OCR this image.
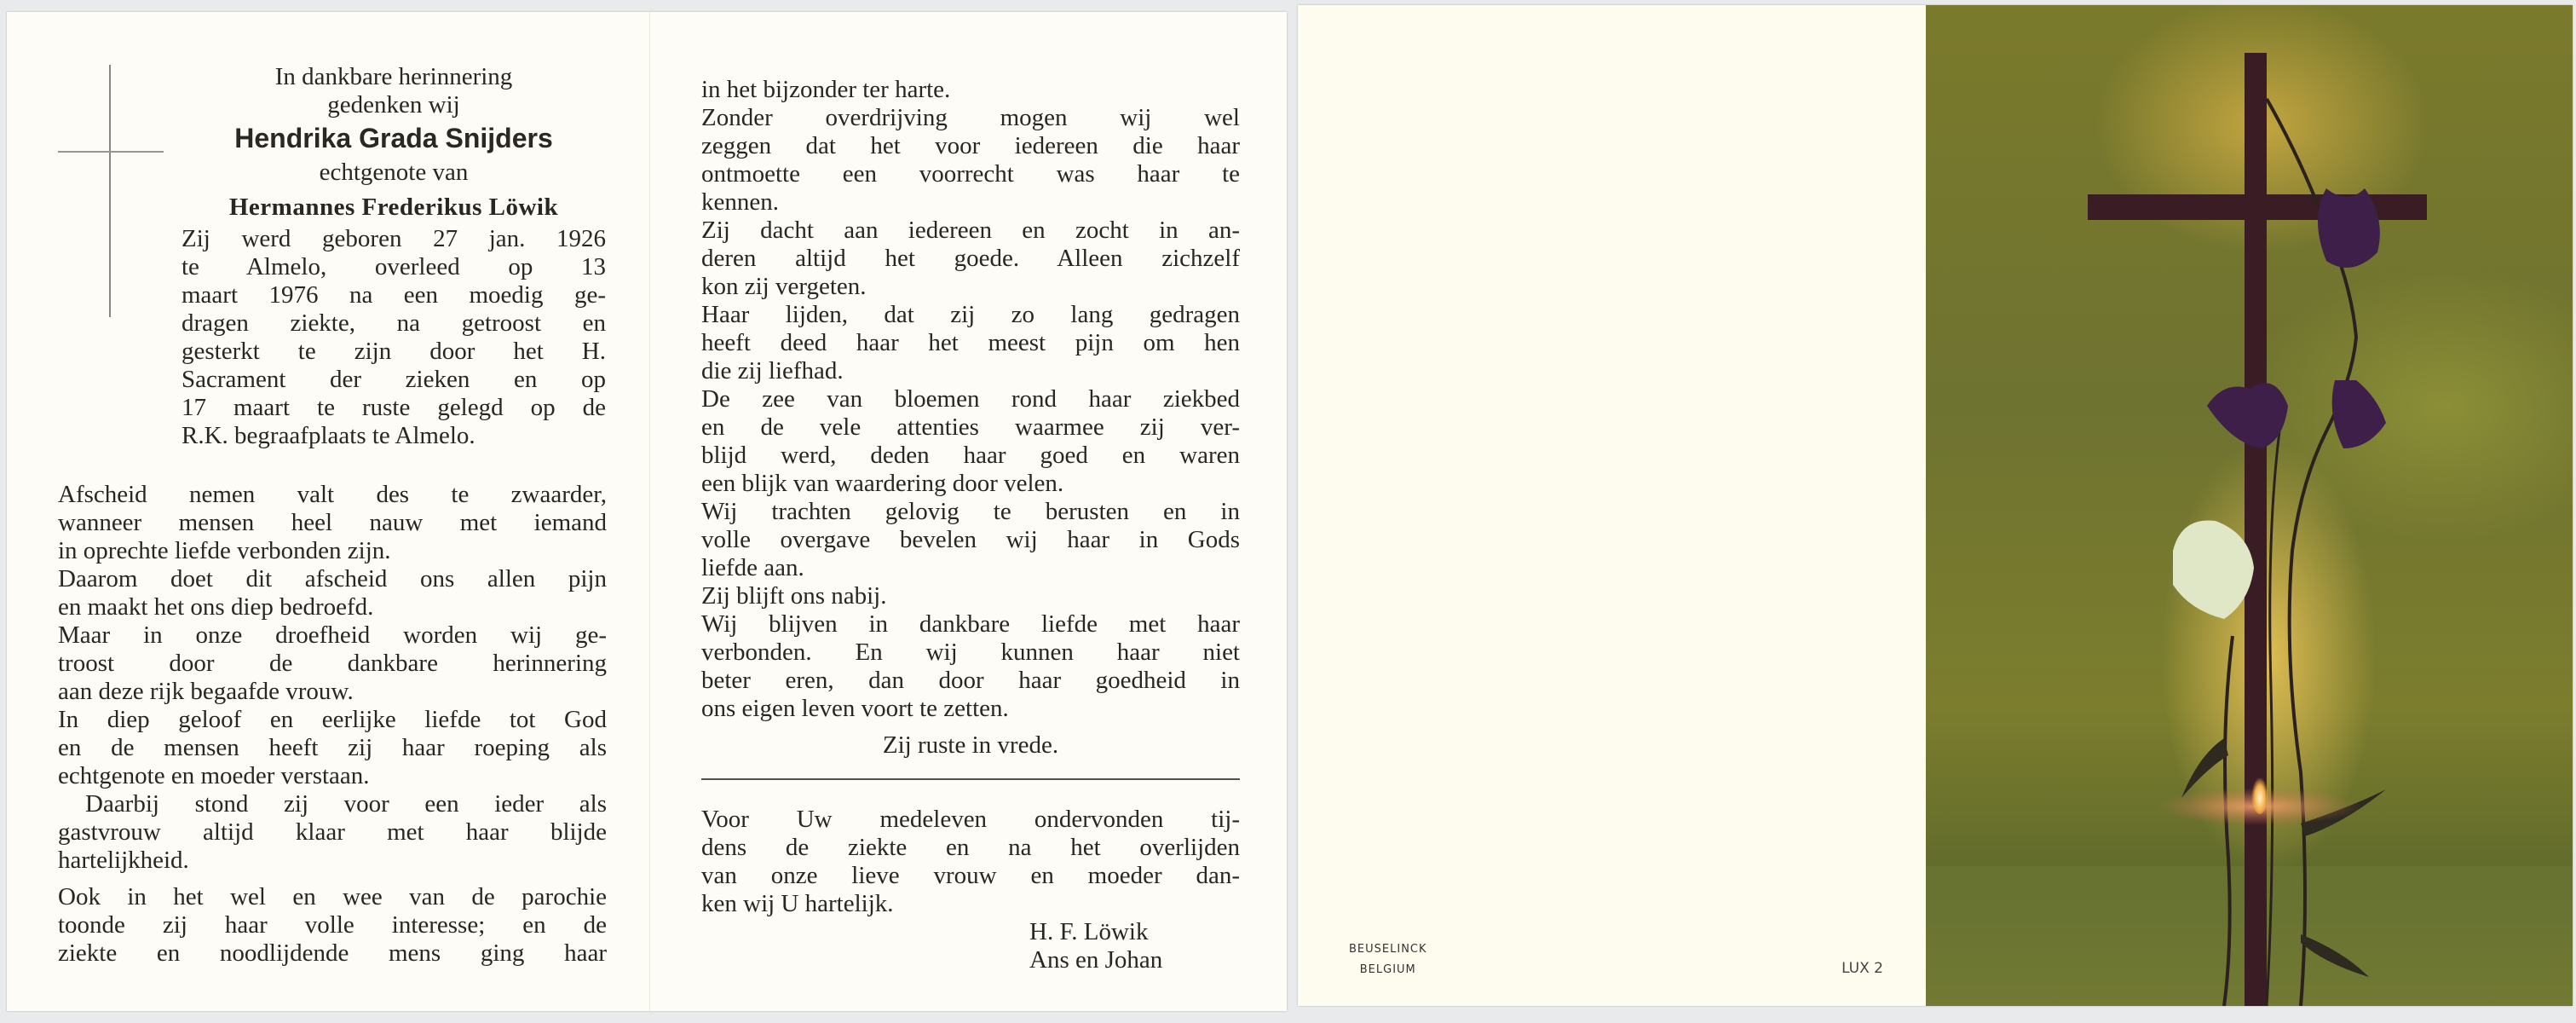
In dankbare herinnering
gedenken wij
Hendrika Grada Snijders
echtgenote van
Hermannes Frederikus Löwik
Zij werd geboren 27 jan. 1926
te Almelo, overleed op 13
maart 1976 na een moedig ge-
dragen ziekte, na getroost en
gesterkt te zijn door het H.
Sacrament der zieken en op
17 maart te ruste gelegd op de
R.K. begraafplaats te Almelo.
Afscheid nemen valt des te zwaarder,
wanneer mensen heel nauw met iemand
in oprechte liefde verbonden zijn.
Daarom doet dit afscheid ons allen pijn
en maakt het ons diep bedroefd.
Maar in onze droefheid worden wij ge-
troost door de dankbare herinnering
aan deze rijk begaafde vrouw.
In diep geloof en eerlijke liefde tot God
en de mensen heeft zij haar roeping als
echtgenote en moeder verstaan.
Daarbij stond zij voor een ieder als
gastvrouw altijd klaar met haar blijde
hartelijkheid.
Ook in het wel en wee van de parochie
toonde zij haar volle interesse; en de
ziekte en noodlijdende mens ging haar
in het bijzonder ter harte.
Zonder overdrijving mogen wij wel
zeggen dat het voor iedereen die haar
ontmoette een voorrecht was haar te
kennen.
Zij dacht aan iedereen en zocht in an-
deren altijd het goede. Alleen zichzelf
kon zij vergeten.
Haar lijden, dat zij zo lang gedragen
heeft deed haar het meest pijn om hen
die zij liefhad.
De zee van bloemen rond haar ziekbed
en de vele attenties waarmee zij ver-
blijd werd, deden haar goed en waren
een blijk van waardering door velen.
Wij trachten gelovig te berusten en in
volle overgave bevelen wij haar in Gods
liefde aan.
Zij blijft ons nabij.
Wij blijven in dankbare liefde met haar
verbonden. En wij kunnen haar niet
beter eren, dan door haar goedheid in
ons eigen leven voort te zetten.
Zij ruste in vrede.
Voor Uw medeleven ondervonden tij-
dens de ziekte en na het overlijden
van onze lieve vrouw en moeder dan-
ken wij U hartelijk.
H. F. Löwik
Ans en Johan	BEUSELINCK
BELGIUM	LUX 2
